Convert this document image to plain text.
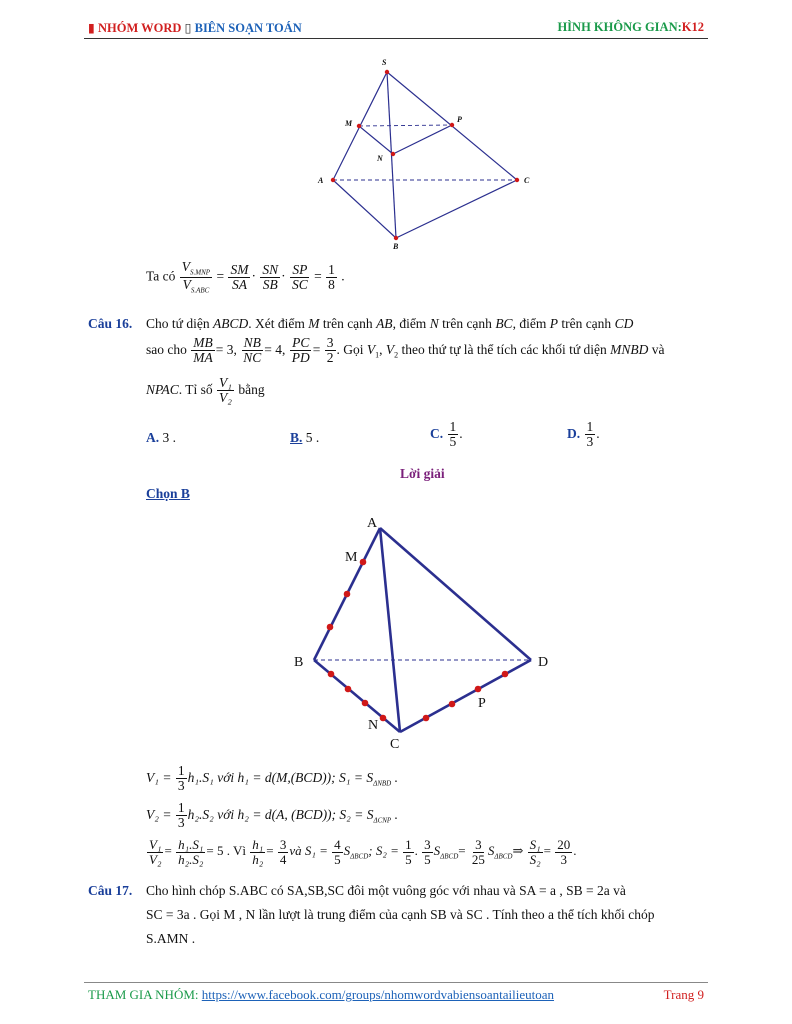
▮ NHÓM WORD ▯ BIÊN SOẠN TOÁN	HÌNH KHÔNG GIAN:K12
S
M	P
N
A	C
B
Ta có $\frac{V_{S.MNP}}{V_{S.ABC}} = \frac{SM}{SA} \cdot \frac{SN}{SB} \cdot \frac{SP}{SC} = \frac{1}{8}$ .
Câu 16. Cho tứ diện ABCD. Xét điểm M trên cạnh AB, điểm N trên cạnh BC, điểm P trên cạnh CD
sao cho $\frac{MB}{MA} = 3$, $\frac{NB}{NC} = 4$, $\frac{PC}{PD} = \frac{3}{2}$ . Gọi $V_1$, $V_2$ theo thứ tự là thể tích các khối tứ diện MNBD và
NPAC. Tỉ số $\frac{\text{V₁}}{\text{V₂}}$ bằng
A. 3 .	B. 5 .	C. $\frac{1}{5}$ .	D. $\frac{1}{3}$ .
Lời giải
Chọn B
A
M
B	D
P
N
C
$V_1 = \frac{1}{3} h_1.S_1$ với h₁ = d(M,(BCD)); $S_1 = S_{\Delta NBD}$ .
$V_2 = \frac{1}{3} h_2.S_2$ với h₂ = d(A, (BCD)); $S_2 = S_{\Delta CNP}$ .
$\frac{\text{V₁}}{\text{V₂}} = \frac{\text{h₁.S₁}}{\text{h₂.S₂}} = 5$ . Vì $\frac{\text{h₁}}{\text{h₂}} = \frac{3}{4}$ và $S_1 = \frac{4}{5} S_{\Delta BCD}$; $S_2 = \frac{1}{5}$ . $\frac{3}{5} S_{\Delta BCD}= \frac{3}{25}$ $S_{\Delta BCD}\Rightarrow \frac{\text{S₁}}{\text{S₂}} = \frac{20}{3}$ .
Câu 17. Cho hình chóp S.ABC có SA,SB,SC đôi một vuông góc với nhau và SA = a , SB = 2a và
SC = 3a . Gọi M , N lần lượt là trung điểm của cạnh SB và SC . Tính theo a thể tích khối chóp
S.AMN .
THAM GIA NHÓM: https://www.facebook.com/groups/nhomwordvabiensoantailieutoan	Trang 9
